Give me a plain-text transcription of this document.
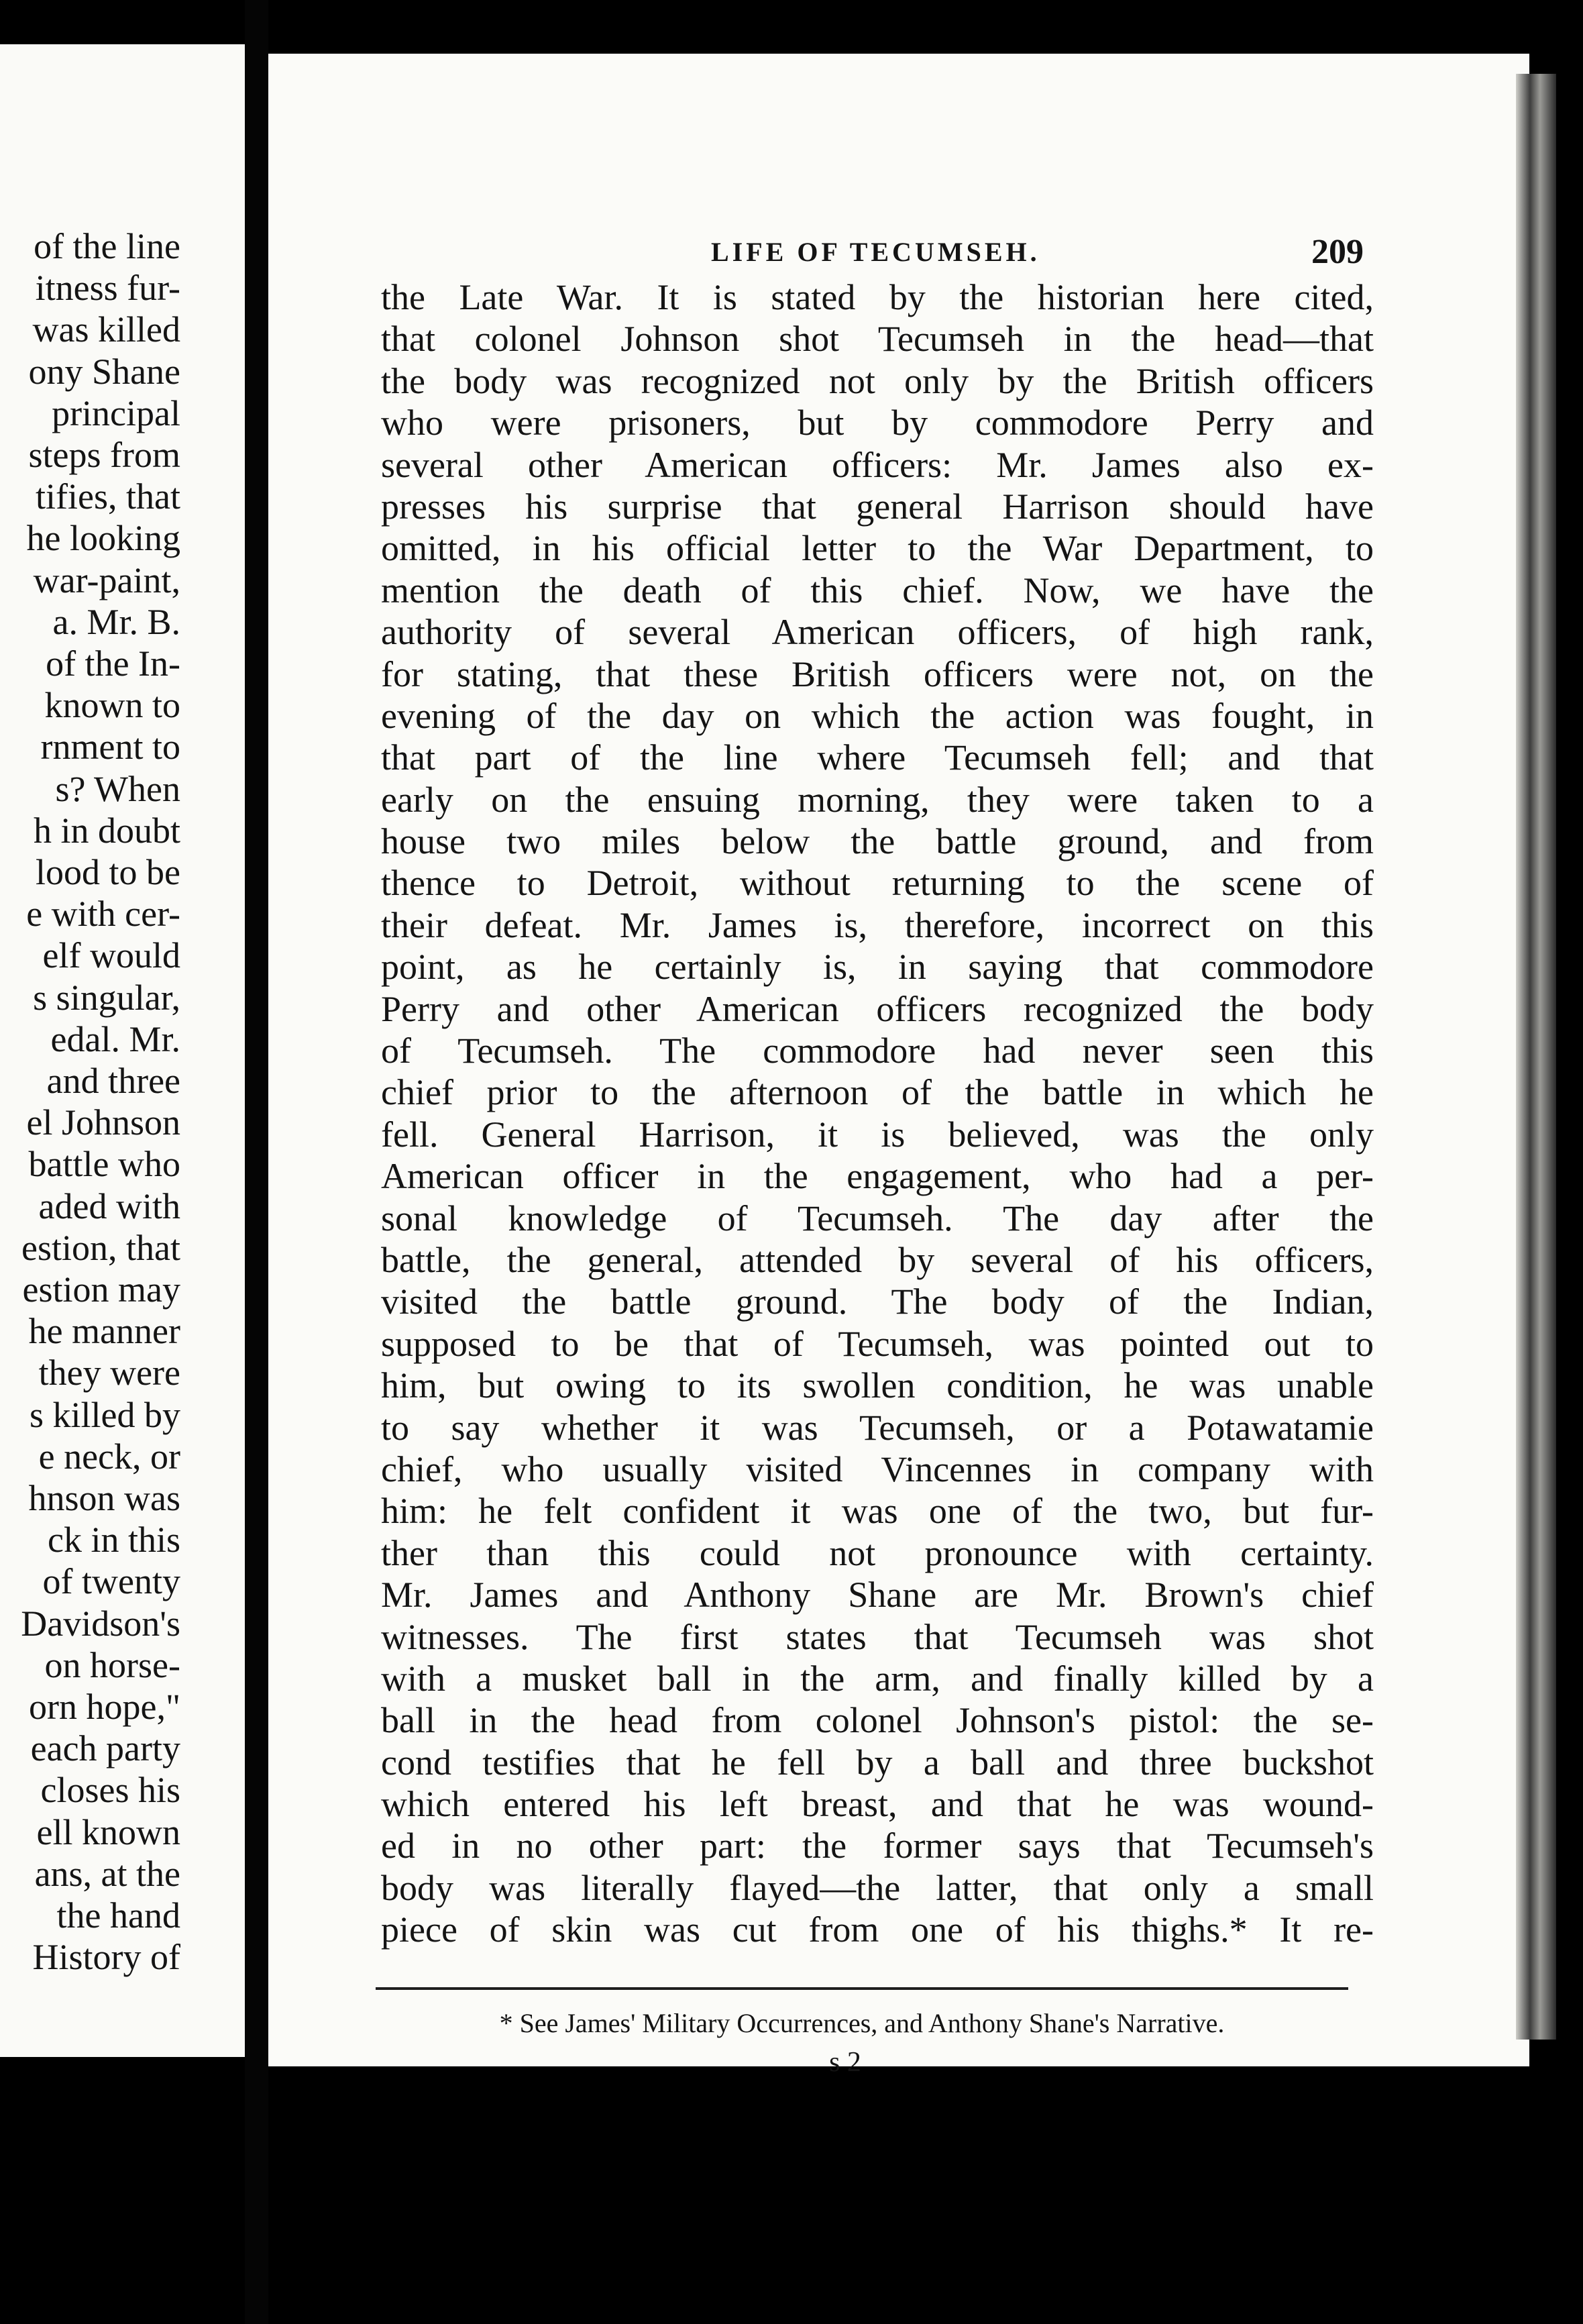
of the line
itness fur-
was killed
ony Shane
principal
steps from
tifies, that
he looking
war-paint,
a. Mr. B.
of the In-
known to
rnment to
s? When
h in doubt
lood to be
e with cer-
elf would
s singular,
edal. Mr.
and three
el Johnson
battle who
aded with
estion, that
estion may
he manner
they were
s killed by
e neck, or
hnson was
ck in this
of twenty
Davidson's
on horse-
orn hope,"
each party
closes his
ell known
ans, at the
the hand
History of
LIFE OF TECUMSEH.	209
the Late War. It is stated by the historian here cited,
that colonel Johnson shot Tecumseh in the head—that
the body was recognized not only by the British officers
who were prisoners, but by commodore Perry and
several other American officers: Mr. James also ex-
presses his surprise that general Harrison should have
omitted, in his official letter to the War Department, to
mention the death of this chief. Now, we have the
authority of several American officers, of high rank,
for stating, that these British officers were not, on the
evening of the day on which the action was fought, in
that part of the line where Tecumseh fell; and that
early on the ensuing morning, they were taken to a
house two miles below the battle ground, and from
thence to Detroit, without returning to the scene of
their defeat. Mr. James is, therefore, incorrect on this
point, as he certainly is, in saying that commodore
Perry and other American officers recognized the body
of Tecumseh. The commodore had never seen this
chief prior to the afternoon of the battle in which he
fell. General Harrison, it is believed, was the only
American officer in the engagement, who had a per-
sonal knowledge of Tecumseh. The day after the
battle, the general, attended by several of his officers,
visited the battle ground. The body of the Indian,
supposed to be that of Tecumseh, was pointed out to
him, but owing to its swollen condition, he was unable
to say whether it was Tecumseh, or a Potawatamie
chief, who usually visited Vincennes in company with
him: he felt confident it was one of the two, but fur-
ther than this could not pronounce with certainty.
Mr. James and Anthony Shane are Mr. Brown's chief
witnesses. The first states that Tecumseh was shot
with a musket ball in the arm, and finally killed by a
ball in the head from colonel Johnson's pistol: the se-
cond testifies that he fell by a ball and three buckshot
which entered his left breast, and that he was wound-
ed in no other part: the former says that Tecumseh's
body was literally flayed—the latter, that only a small
piece of skin was cut from one of his thighs.* It re-
* See James' Military Occurrences, and Anthony Shane's Narrative.
s 2
